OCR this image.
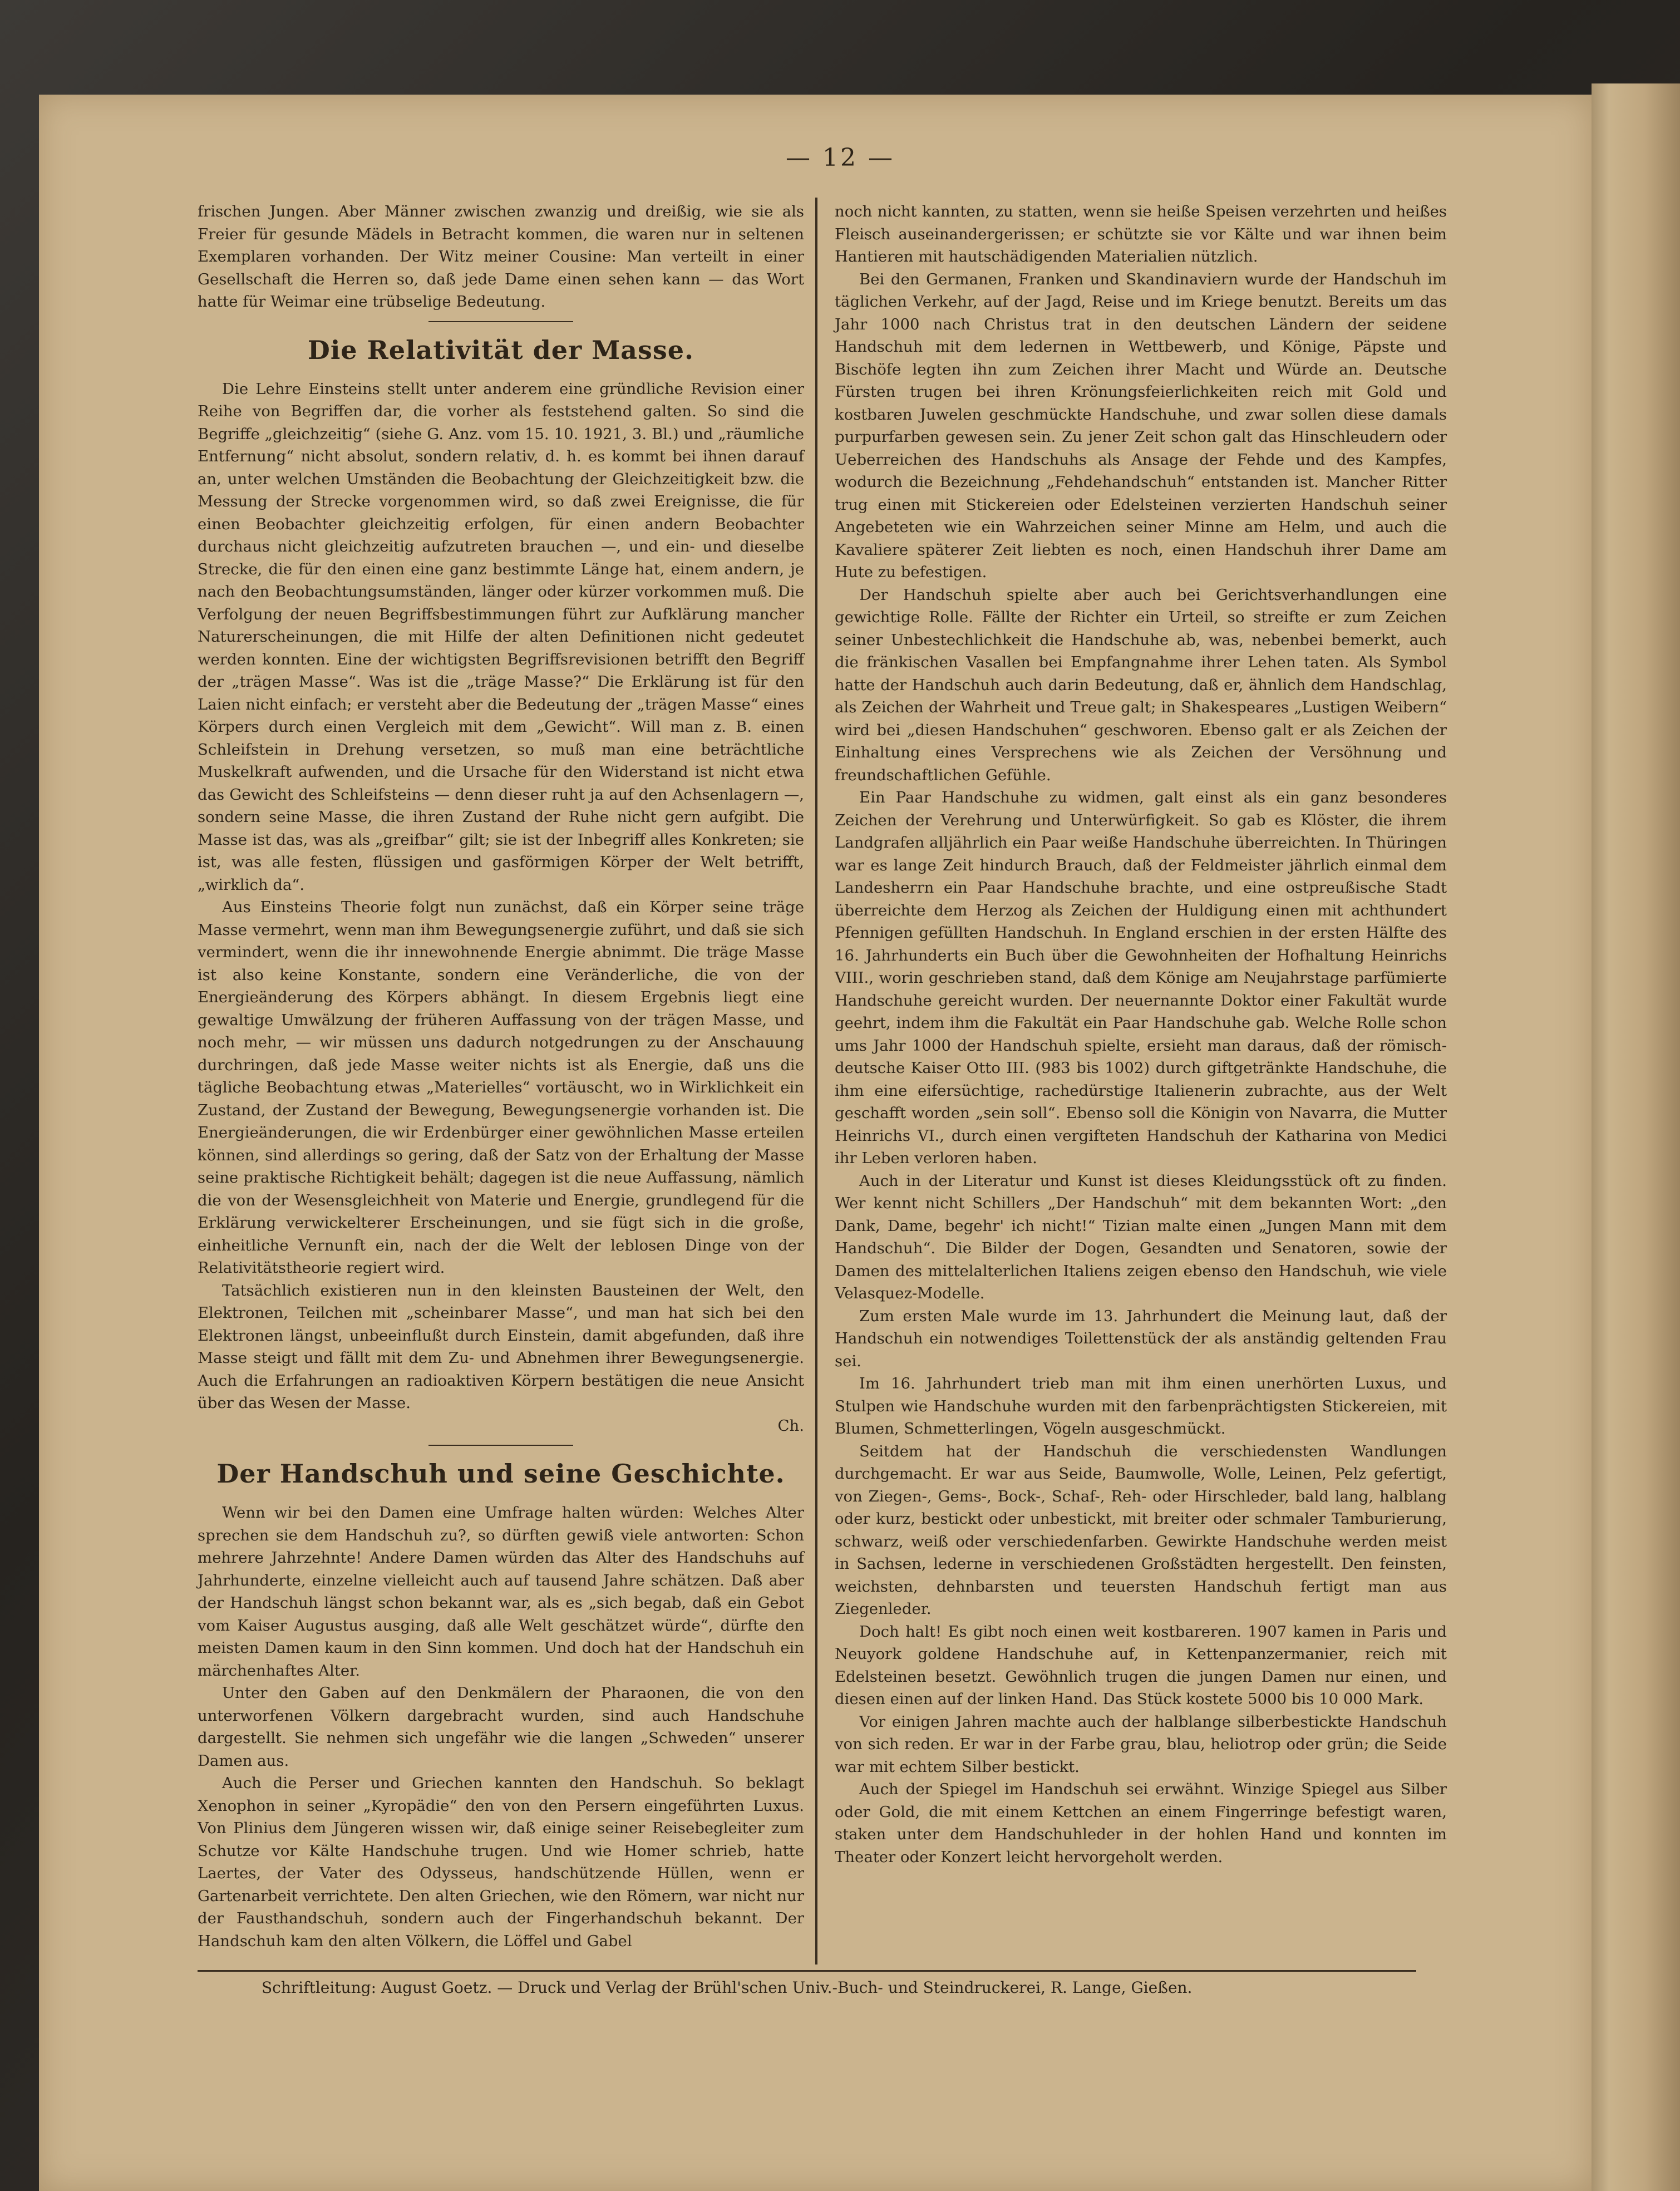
— 12 —

frischen Jungen. Aber Männer zwischen zwanzig und dreißig, wie sie als Freier für gesunde Mädels in Betracht kommen, die waren nur in seltenen Exemplaren vorhanden. Der Witz meiner Cousine: Man verteilt in einer Gesellschaft die Herren so, daß jede Dame einen sehen kann — das Wort hatte für Weimar eine trübselige Bedeutung.

Die Relativität der Masse.

Die Lehre Einsteins stellt unter anderem eine gründliche Revision einer Reihe von Begriffen dar, die vorher als feststehend galten. So sind die Begriffe „gleichzeitig“ (siehe G. Anz. vom 15. 10. 1921, 3. Bl.) und „räumliche Entfernung“ nicht absolut, sondern relativ, d. h. es kommt bei ihnen darauf an, unter welchen Umständen die Beobachtung der Gleichzeitigkeit bzw. die Messung der Strecke vorgenommen wird, so daß zwei Ereignisse, die für einen Beobachter gleichzeitig erfolgen, für einen andern Beobachter durchaus nicht gleichzeitig aufzutreten brauchen —, und ein- und dieselbe Strecke, die für den einen eine ganz bestimmte Länge hat, einem andern, je nach den Beobachtungsumständen, länger oder kürzer vorkommen muß. Die Verfolgung der neuen Begriffsbestimmungen führt zur Aufklärung mancher Naturerscheinungen, die mit Hilfe der alten Definitionen nicht gedeutet werden konnten. Eine der wichtigsten Begriffsrevisionen betrifft den Begriff der „trägen Masse“. Was ist die „träge Masse?“ Die Erklärung ist für den Laien nicht einfach; er versteht aber die Bedeutung der „trägen Masse“ eines Körpers durch einen Vergleich mit dem „Gewicht“. Will man z. B. einen Schleifstein in Drehung versetzen, so muß man eine beträchtliche Muskelkraft aufwenden, und die Ursache für den Widerstand ist nicht etwa das Gewicht des Schleifsteins — denn dieser ruht ja auf den Achsenlagern —, sondern seine Masse, die ihren Zustand der Ruhe nicht gern aufgibt. Die Masse ist das, was als „greifbar“ gilt; sie ist der Inbegriff alles Konkreten; sie ist, was alle festen, flüssigen und gasförmigen Körper der Welt betrifft, „wirklich da“.

Aus Einsteins Theorie folgt nun zunächst, daß ein Körper seine träge Masse vermehrt, wenn man ihm Bewegungsenergie zuführt, und daß sie sich vermindert, wenn die ihr innewohnende Energie abnimmt. Die träge Masse ist also keine Konstante, sondern eine Veränderliche, die von der Energieänderung des Körpers abhängt. In diesem Ergebnis liegt eine gewaltige Umwälzung der früheren Auffassung von der trägen Masse, und noch mehr, — wir müssen uns dadurch notgedrungen zu der Anschauung durchringen, daß jede Masse weiter nichts ist als Energie, daß uns die tägliche Beobachtung etwas „Materielles“ vortäuscht, wo in Wirklichkeit ein Zustand, der Zustand der Bewegung, Bewegungsenergie vorhanden ist. Die Energieänderungen, die wir Erdenbürger einer gewöhnlichen Masse erteilen können, sind allerdings so gering, daß der Satz von der Erhaltung der Masse seine praktische Richtigkeit behält; dagegen ist die neue Auffassung, nämlich die von der Wesensgleichheit von Materie und Energie, grundlegend für die Erklärung verwickelterer Erscheinungen, und sie fügt sich in die große, einheitliche Vernunft ein, nach der die Welt der leblosen Dinge von der Relativitätstheorie regiert wird.

Tatsächlich existieren nun in den kleinsten Bausteinen der Welt, den Elektronen, Teilchen mit „scheinbarer Masse“, und man hat sich bei den Elektronen längst, unbeeinflußt durch Einstein, damit abgefunden, daß ihre Masse steigt und fällt mit dem Zu- und Abnehmen ihrer Bewegungsenergie. Auch die Erfahrungen an radioaktiven Körpern bestätigen die neue Ansicht über das Wesen der Masse.

Ch.
Der Handschuh und seine Geschichte.

Wenn wir bei den Damen eine Umfrage halten würden: Welches Alter sprechen sie dem Handschuh zu?, so dürften gewiß viele antworten: Schon mehrere Jahrzehnte! Andere Damen würden das Alter des Handschuhs auf Jahrhunderte, einzelne vielleicht auch auf tausend Jahre schätzen. Daß aber der Handschuh längst schon bekannt war, als es „sich begab, daß ein Gebot vom Kaiser Augustus ausging, daß alle Welt geschätzet würde“, dürfte den meisten Damen kaum in den Sinn kommen. Und doch hat der Handschuh ein märchenhaftes Alter.

Unter den Gaben auf den Denkmälern der Pharaonen, die von den unterworfenen Völkern dargebracht wurden, sind auch Handschuhe dargestellt. Sie nehmen sich ungefähr wie die langen „Schweden“ unserer Damen aus.

Auch die Perser und Griechen kannten den Handschuh. So beklagt Xenophon in seiner „Kyropädie“ den von den Persern eingeführten Luxus. Von Plinius dem Jüngeren wissen wir, daß einige seiner Reisebegleiter zum Schutze vor Kälte Handschuhe trugen. Und wie Homer schrieb, hatte Laertes, der Vater des Odysseus, handschützende Hüllen, wenn er Gartenarbeit verrichtete. Den alten Griechen, wie den Römern, war nicht nur der Fausthandschuh, sondern auch der Fingerhandschuh bekannt. Der Handschuh kam den alten Völkern, die Löffel und Gabel

noch nicht kannten, zu statten, wenn sie heiße Speisen verzehrten und heißes Fleisch auseinandergerissen; er schützte sie vor Kälte und war ihnen beim Hantieren mit hautschädigenden Materialien nützlich.

Bei den Germanen, Franken und Skandinaviern wurde der Handschuh im täglichen Verkehr, auf der Jagd, Reise und im Kriege benutzt. Bereits um das Jahr 1000 nach Christus trat in den deutschen Ländern der seidene Handschuh mit dem ledernen in Wettbewerb, und Könige, Päpste und Bischöfe legten ihn zum Zeichen ihrer Macht und Würde an. Deutsche Fürsten trugen bei ihren Krönungsfeierlichkeiten reich mit Gold und kostbaren Juwelen geschmückte Handschuhe, und zwar sollen diese damals purpurfarben gewesen sein. Zu jener Zeit schon galt das Hinschleudern oder Ueberreichen des Handschuhs als Ansage der Fehde und des Kampfes, wodurch die Bezeichnung „Fehdehandschuh“ entstanden ist. Mancher Ritter trug einen mit Stickereien oder Edelsteinen verzierten Handschuh seiner Angebeteten wie ein Wahrzeichen seiner Minne am Helm, und auch die Kavaliere späterer Zeit liebten es noch, einen Handschuh ihrer Dame am Hute zu befestigen.

Der Handschuh spielte aber auch bei Gerichtsverhandlungen eine gewichtige Rolle. Fällte der Richter ein Urteil, so streifte er zum Zeichen seiner Unbestechlichkeit die Handschuhe ab, was, nebenbei bemerkt, auch die fränkischen Vasallen bei Empfangnahme ihrer Lehen taten. Als Symbol hatte der Handschuh auch darin Bedeutung, daß er, ähnlich dem Handschlag, als Zeichen der Wahrheit und Treue galt; in Shakespeares „Lustigen Weibern“ wird bei „diesen Handschuhen“ geschworen. Ebenso galt er als Zeichen der Einhaltung eines Versprechens wie als Zeichen der Versöhnung und freundschaftlichen Gefühle.

Ein Paar Handschuhe zu widmen, galt einst als ein ganz besonderes Zeichen der Verehrung und Unterwürfigkeit. So gab es Klöster, die ihrem Landgrafen alljährlich ein Paar weiße Handschuhe überreichten. In Thüringen war es lange Zeit hindurch Brauch, daß der Feldmeister jährlich einmal dem Landesherrn ein Paar Handschuhe brachte, und eine ostpreußische Stadt überreichte dem Herzog als Zeichen der Huldigung einen mit achthundert Pfennigen gefüllten Handschuh. In England erschien in der ersten Hälfte des 16. Jahrhunderts ein Buch über die Gewohnheiten der Hofhaltung Heinrichs VIII., worin geschrieben stand, daß dem Könige am Neujahrstage parfümierte Handschuhe gereicht wurden. Der neuernannte Doktor einer Fakultät wurde geehrt, indem ihm die Fakultät ein Paar Handschuhe gab. Welche Rolle schon ums Jahr 1000 der Handschuh spielte, ersieht man daraus, daß der römisch-deutsche Kaiser Otto III. (983 bis 1002) durch giftgetränkte Handschuhe, die ihm eine eifersüchtige, rachedürstige Italienerin zubrachte, aus der Welt geschafft worden „sein soll“. Ebenso soll die Königin von Navarra, die Mutter Heinrichs VI., durch einen vergifteten Handschuh der Katharina von Medici ihr Leben verloren haben.

Auch in der Literatur und Kunst ist dieses Kleidungsstück oft zu finden. Wer kennt nicht Schillers „Der Handschuh“ mit dem bekannten Wort: „den Dank, Dame, begehr' ich nicht!“ Tizian malte einen „Jungen Mann mit dem Handschuh“. Die Bilder der Dogen, Gesandten und Senatoren, sowie der Damen des mittelalterlichen Italiens zeigen ebenso den Handschuh, wie viele Velasquez-Modelle.

Zum ersten Male wurde im 13. Jahrhundert die Meinung laut, daß der Handschuh ein notwendiges Toilettenstück der als anständig geltenden Frau sei.

Im 16. Jahrhundert trieb man mit ihm einen unerhörten Luxus, und Stulpen wie Handschuhe wurden mit den farbenprächtigsten Stickereien, mit Blumen, Schmetterlingen, Vögeln ausgeschmückt.

Seitdem hat der Handschuh die verschiedensten Wandlungen durchgemacht. Er war aus Seide, Baumwolle, Wolle, Leinen, Pelz gefertigt, von Ziegen-, Gems-, Bock-, Schaf-, Reh- oder Hirschleder, bald lang, halblang oder kurz, bestickt oder unbestickt, mit breiter oder schmaler Tamburierung, schwarz, weiß oder verschiedenfarben. Gewirkte Handschuhe werden meist in Sachsen, lederne in verschiedenen Großstädten hergestellt. Den feinsten, weichsten, dehnbarsten und teuersten Handschuh fertigt man aus Ziegenleder.

Doch halt! Es gibt noch einen weit kostbareren. 1907 kamen in Paris und Neuyork goldene Handschuhe auf, in Kettenpanzermanier, reich mit Edelsteinen besetzt. Gewöhnlich trugen die jungen Damen nur einen, und diesen einen auf der linken Hand. Das Stück kostete 5000 bis 10 000 Mark.

Vor einigen Jahren machte auch der halblange silberbestickte Handschuh von sich reden. Er war in der Farbe grau, blau, heliotrop oder grün; die Seide war mit echtem Silber bestickt.

Auch der Spiegel im Handschuh sei erwähnt. Winzige Spiegel aus Silber oder Gold, die mit einem Kettchen an einem Fingerringe befestigt waren, staken unter dem Handschuhleder in der hohlen Hand und konnten im Theater oder Konzert leicht hervorgeholt werden.

Schriftleitung: August Goetz. — Druck und Verlag der Brühl'schen Univ.-Buch- und Steindruckerei, R. Lange, Gießen.
